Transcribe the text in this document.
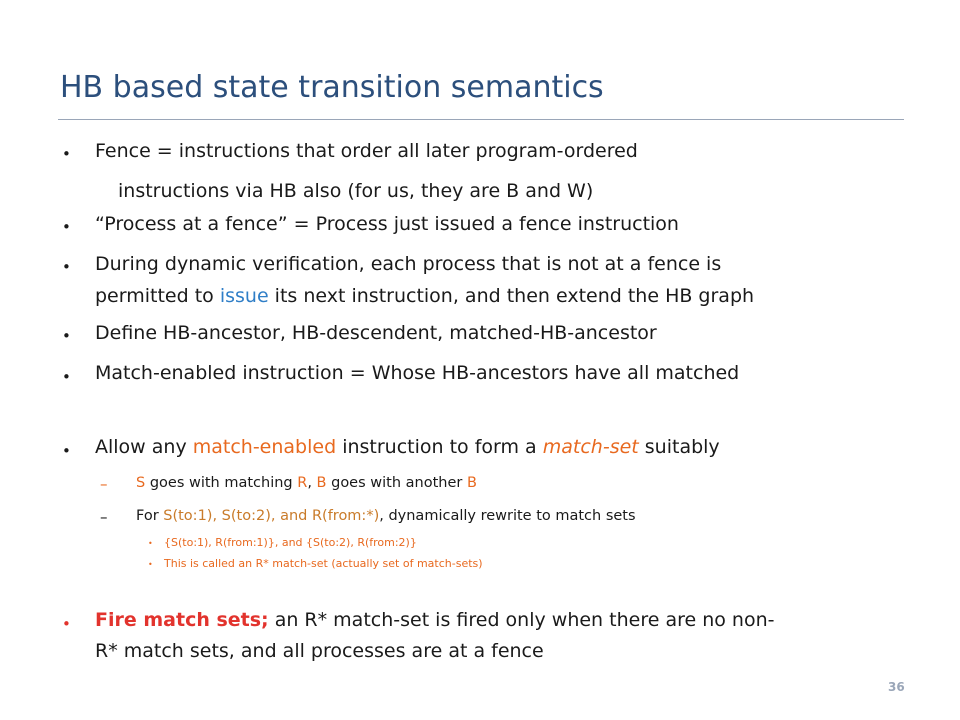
HB based state transition semantics
• Fence = instructions that order all later program-ordered
instructions via HB also (for us, they are B and W)
• “Process at a fence” = Process just issued a fence instruction
• During dynamic verification, each process that is not at a fence is
permitted to issue its next instruction, and then extend the HB graph
• Define HB-ancestor, HB-descendent, matched-HB-ancestor
• Match-enabled instruction = Whose HB-ancestors have all matched
• Allow any match-enabled instruction to form a match-set suitably
– S goes with matching R, B goes with another B
– For S(to:1), S(to:2), and R(from:*), dynamically rewrite to match sets
• {S(to:1), R(from:1)}, and {S(to:2), R(from:2)}
• This is called an R* match-set (actually set of match-sets)
• Fire match sets; an R* match-set is fired only when there are no non-
R* match sets, and all processes are at a fence
36
